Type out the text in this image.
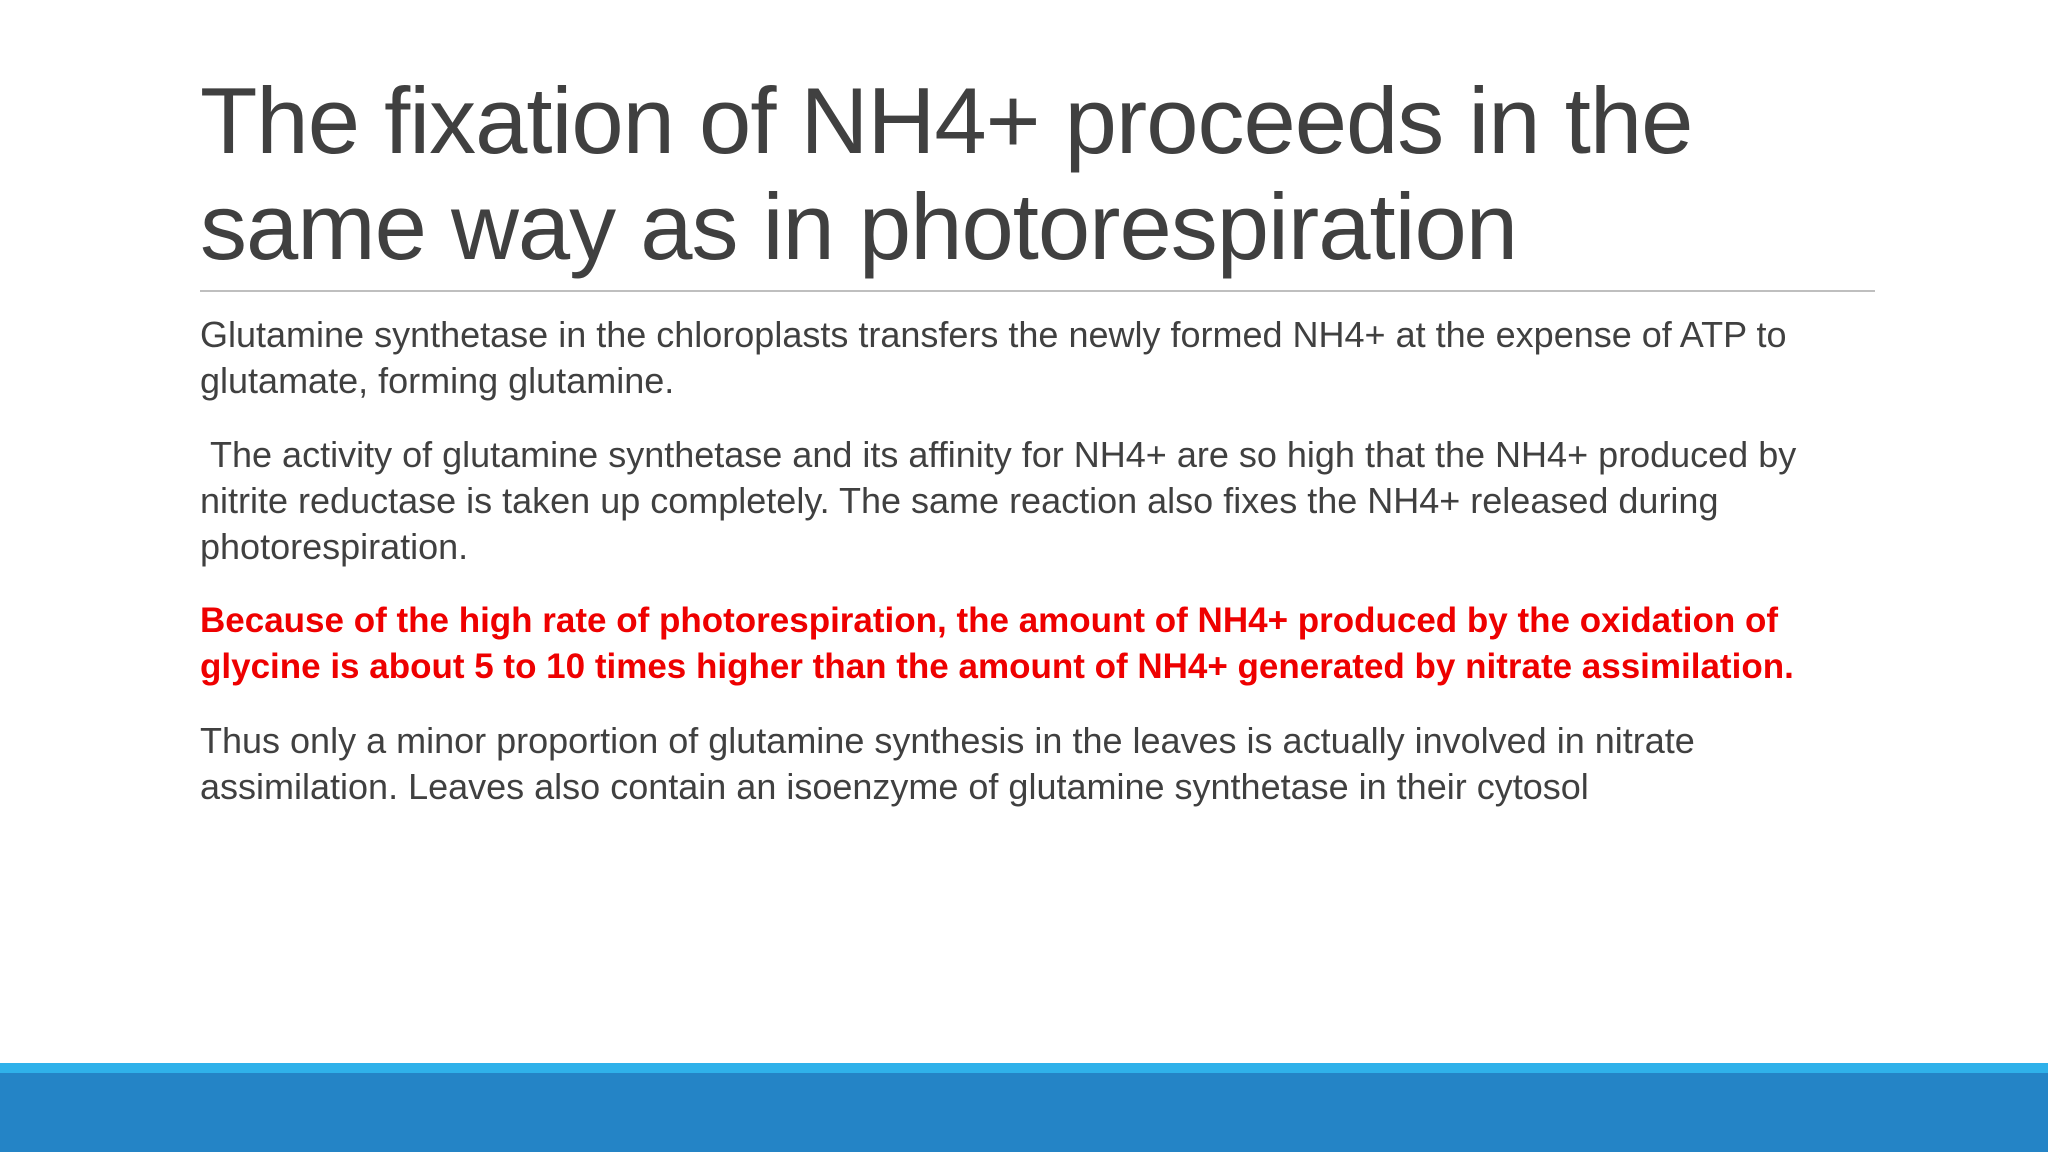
The fixation of NH4+ proceeds in the same way as in photorespiration

Glutamine synthetase in the chloroplasts transfers the newly formed NH4+ at the expense of ATP to glutamate, forming glutamine.

The activity of glutamine synthetase and its affinity for NH4+ are so high that the NH4+ produced by nitrite reductase is taken up completely. The same reaction also fixes the NH4+ released during photorespiration.

Because of the high rate of photorespiration, the amount of NH4+ produced by the oxidation of glycine is about 5 to 10 times higher than the amount of NH4+ generated by nitrate assimilation.

Thus only a minor proportion of glutamine synthesis in the leaves is actually involved in nitrate assimilation. Leaves also contain an isoenzyme of glutamine synthetase in their cytosol
